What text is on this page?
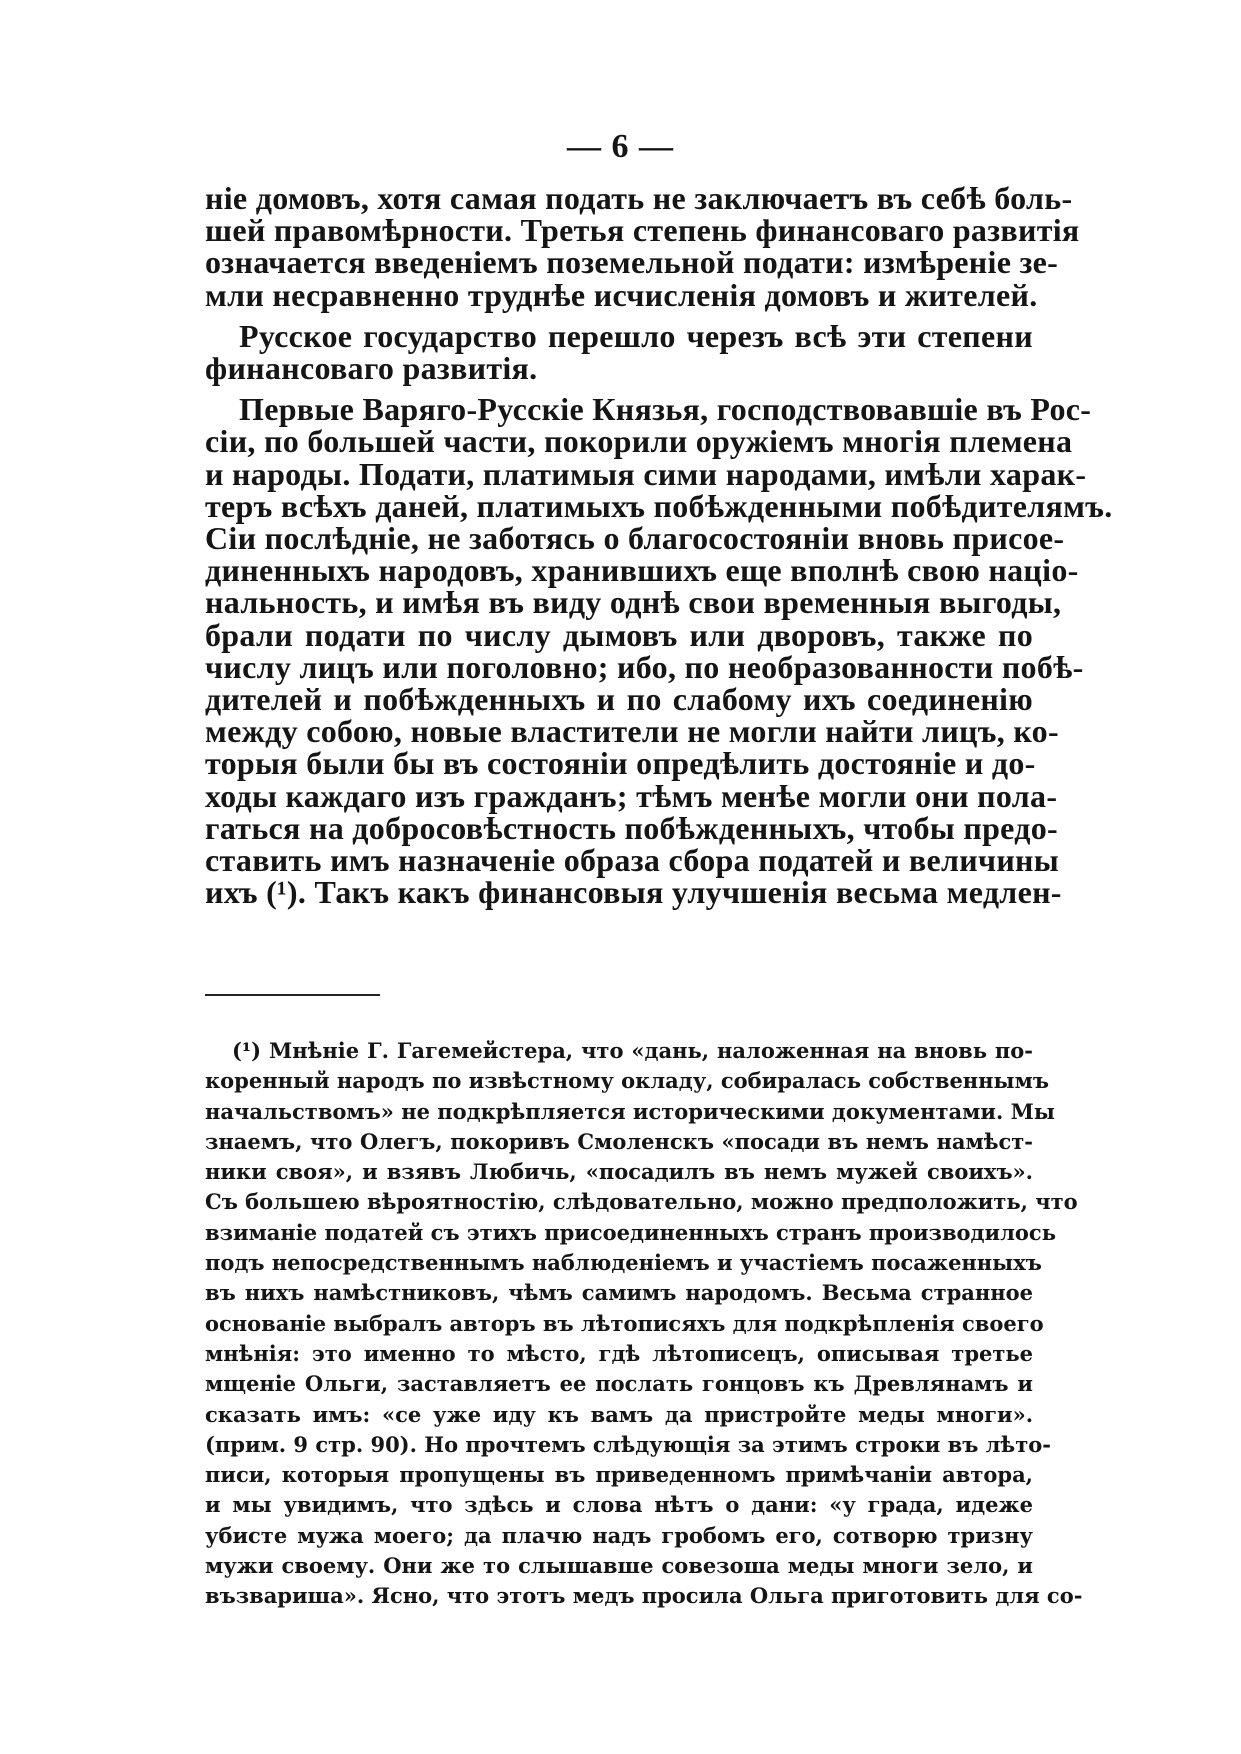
— 6 —
ніе домовъ, хотя самая подать не заключаетъ въ себѣ боль-
шей правомѣрности. Третья степень финансоваго развитія
означается введеніемъ поземельной подати: измѣреніе зе-
мли несравненно труднѣе исчисленія домовъ и жителей.
Русское государство перешло черезъ всѣ эти степени
финансоваго развитія.
Первые Варяго-Русскіе Князья, господствовавшіе въ Рос-
сіи, по большей части, покорили оружіемъ многія племена
и народы. Подати, платимыя сими народами, имѣли харак-
теръ всѣхъ даней, платимыхъ побѣжденными побѣдителямъ.
Сіи послѣдніе, не заботясь о благосостояніи вновь присое-
диненныхъ народовъ, хранившихъ еще вполнѣ свою націо-
нальность, и имѣя въ виду однѣ свои временныя выгоды,
брали подати по числу дымовъ или дворовъ, также по
числу лицъ или поголовно; ибо, по необразованности побѣ-
дителей и побѣжденныхъ и по слабому ихъ соединенію
между собою, новые властители не могли найти лицъ, ко-
торыя были бы въ состояніи опредѣлить достояніе и до-
ходы каждаго изъ гражданъ; тѣмъ менѣе могли они пола-
гаться на добросовѣстность побѣжденныхъ, чтобы предо-
ставить имъ назначеніе образа сбора податей и величины
ихъ (¹). Такъ какъ финансовыя улучшенія весьма медлен-
(¹) Мнѣніе Г. Гагемейстера, что «дань, наложенная на вновь по-
коренный народъ по извѣстному окладу, собиралась собственнымъ
начальствомъ» не подкрѣпляется историческими документами. Мы
знаемъ, что Олегъ, покоривъ Смоленскъ «посади въ немъ намѣст-
ники своя», и взявъ Любичь, «посадилъ въ немъ мужей своихъ».
Съ большею вѣроятностію, слѣдовательно, можно предположить, что
взиманіе податей съ этихъ присоединенныхъ странъ производилось
подъ непосредственнымъ наблюденіемъ и участіемъ посаженныхъ
въ нихъ намѣстниковъ, чѣмъ самимъ народомъ. Весьма странное
основаніе выбралъ авторъ въ лѣтописяхъ для подкрѣпленія своего
мнѣнія: это именно то мѣсто, гдѣ лѣтописецъ, описывая третье
мщеніе Ольги, заставляетъ ее послать гонцовъ къ Древлянамъ и
сказать имъ: «се уже иду къ вамъ да пристройте меды многи».
(прим. 9 стр. 90). Но прочтемъ слѣдующія за этимъ строки въ лѣто-
писи, которыя пропущены въ приведенномъ примѣчаніи автора,
и мы увидимъ, что здѣсь и слова нѣтъ о дани: «у града, идеже
убисте мужа моего; да плачю надъ гробомъ его, сотворю тризну
мужи своему. Они же то слышавше совезоша меды многи зело, и
възвариша». Ясно, что этотъ медъ просила Ольга приготовить для со-
